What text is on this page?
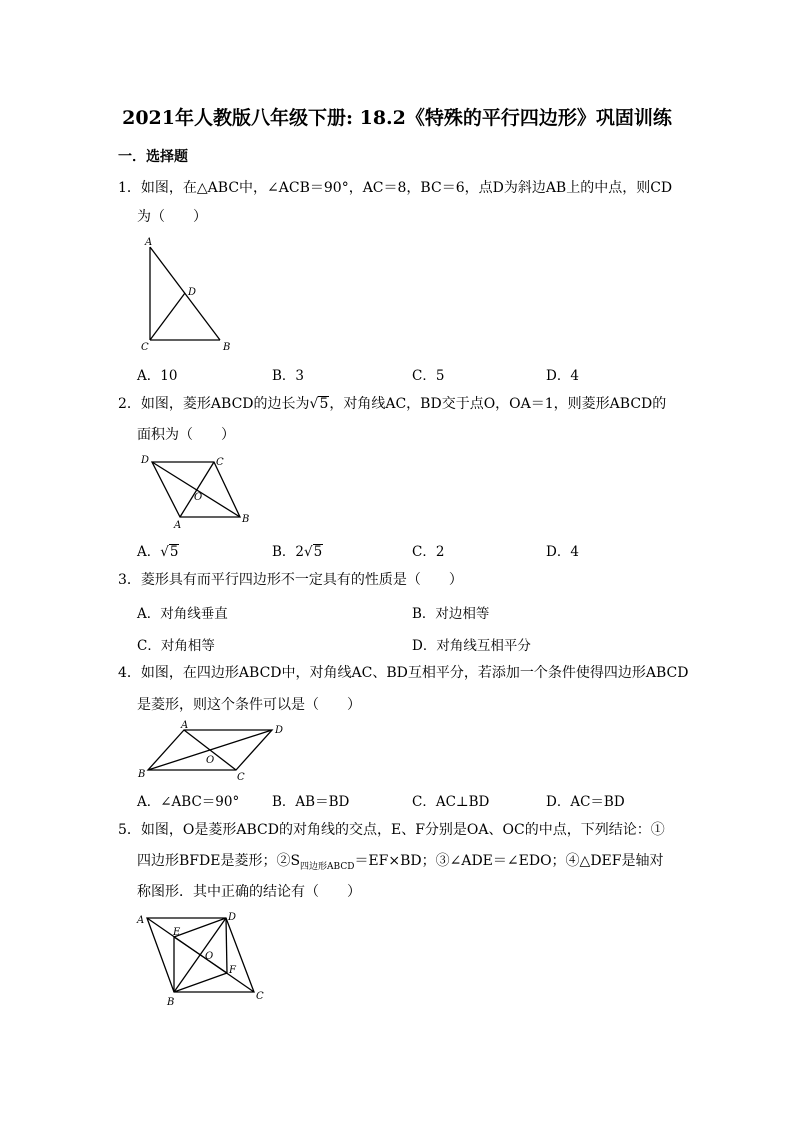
2021年人教版八年级下册: 18.2《特殊的平行四边形》巩固训练
一．选择题
1．如图，在△ABC中，∠ACB＝90°，AC＝8，BC＝6，点D为斜边AB上的中点，则CD
为（　　）
A
D
C	B
A．10	B．3	C．5	D．4
2．如图，菱形ABCD的边长为√5，对角线AC，BD交于点O，OA＝1，则菱形ABCD的
面积为（　　）
D	C
O
A
B
A．√5	B．2√5	C．2	D．4
3．菱形具有而平行四边形不一定具有的性质是（　　）
A．对角线垂直	B．对边相等
C．对角相等	D．对角线互相平分
4．如图，在四边形ABCD中，对角线AC、BD互相平分，若添加一个条件使得四边形ABCD
是菱形，则这个条件可以是（　　）
A	D
O
B	C
A．∠ABC＝90° B．AB＝BD	C．AC⊥BD	D．AC＝BD
5．如图，O是菱形ABCD的对角线的交点，E、F分别是OA、OC的中点，下列结论：①
四边形BFDE是菱形；$②S_{四边形ABCD}=EF\times BD$；③∠ADE＝∠EDO；④△DEF是轴对
称图形．其中正确的结论有（　　）
A	D
E
O
F
B
C
